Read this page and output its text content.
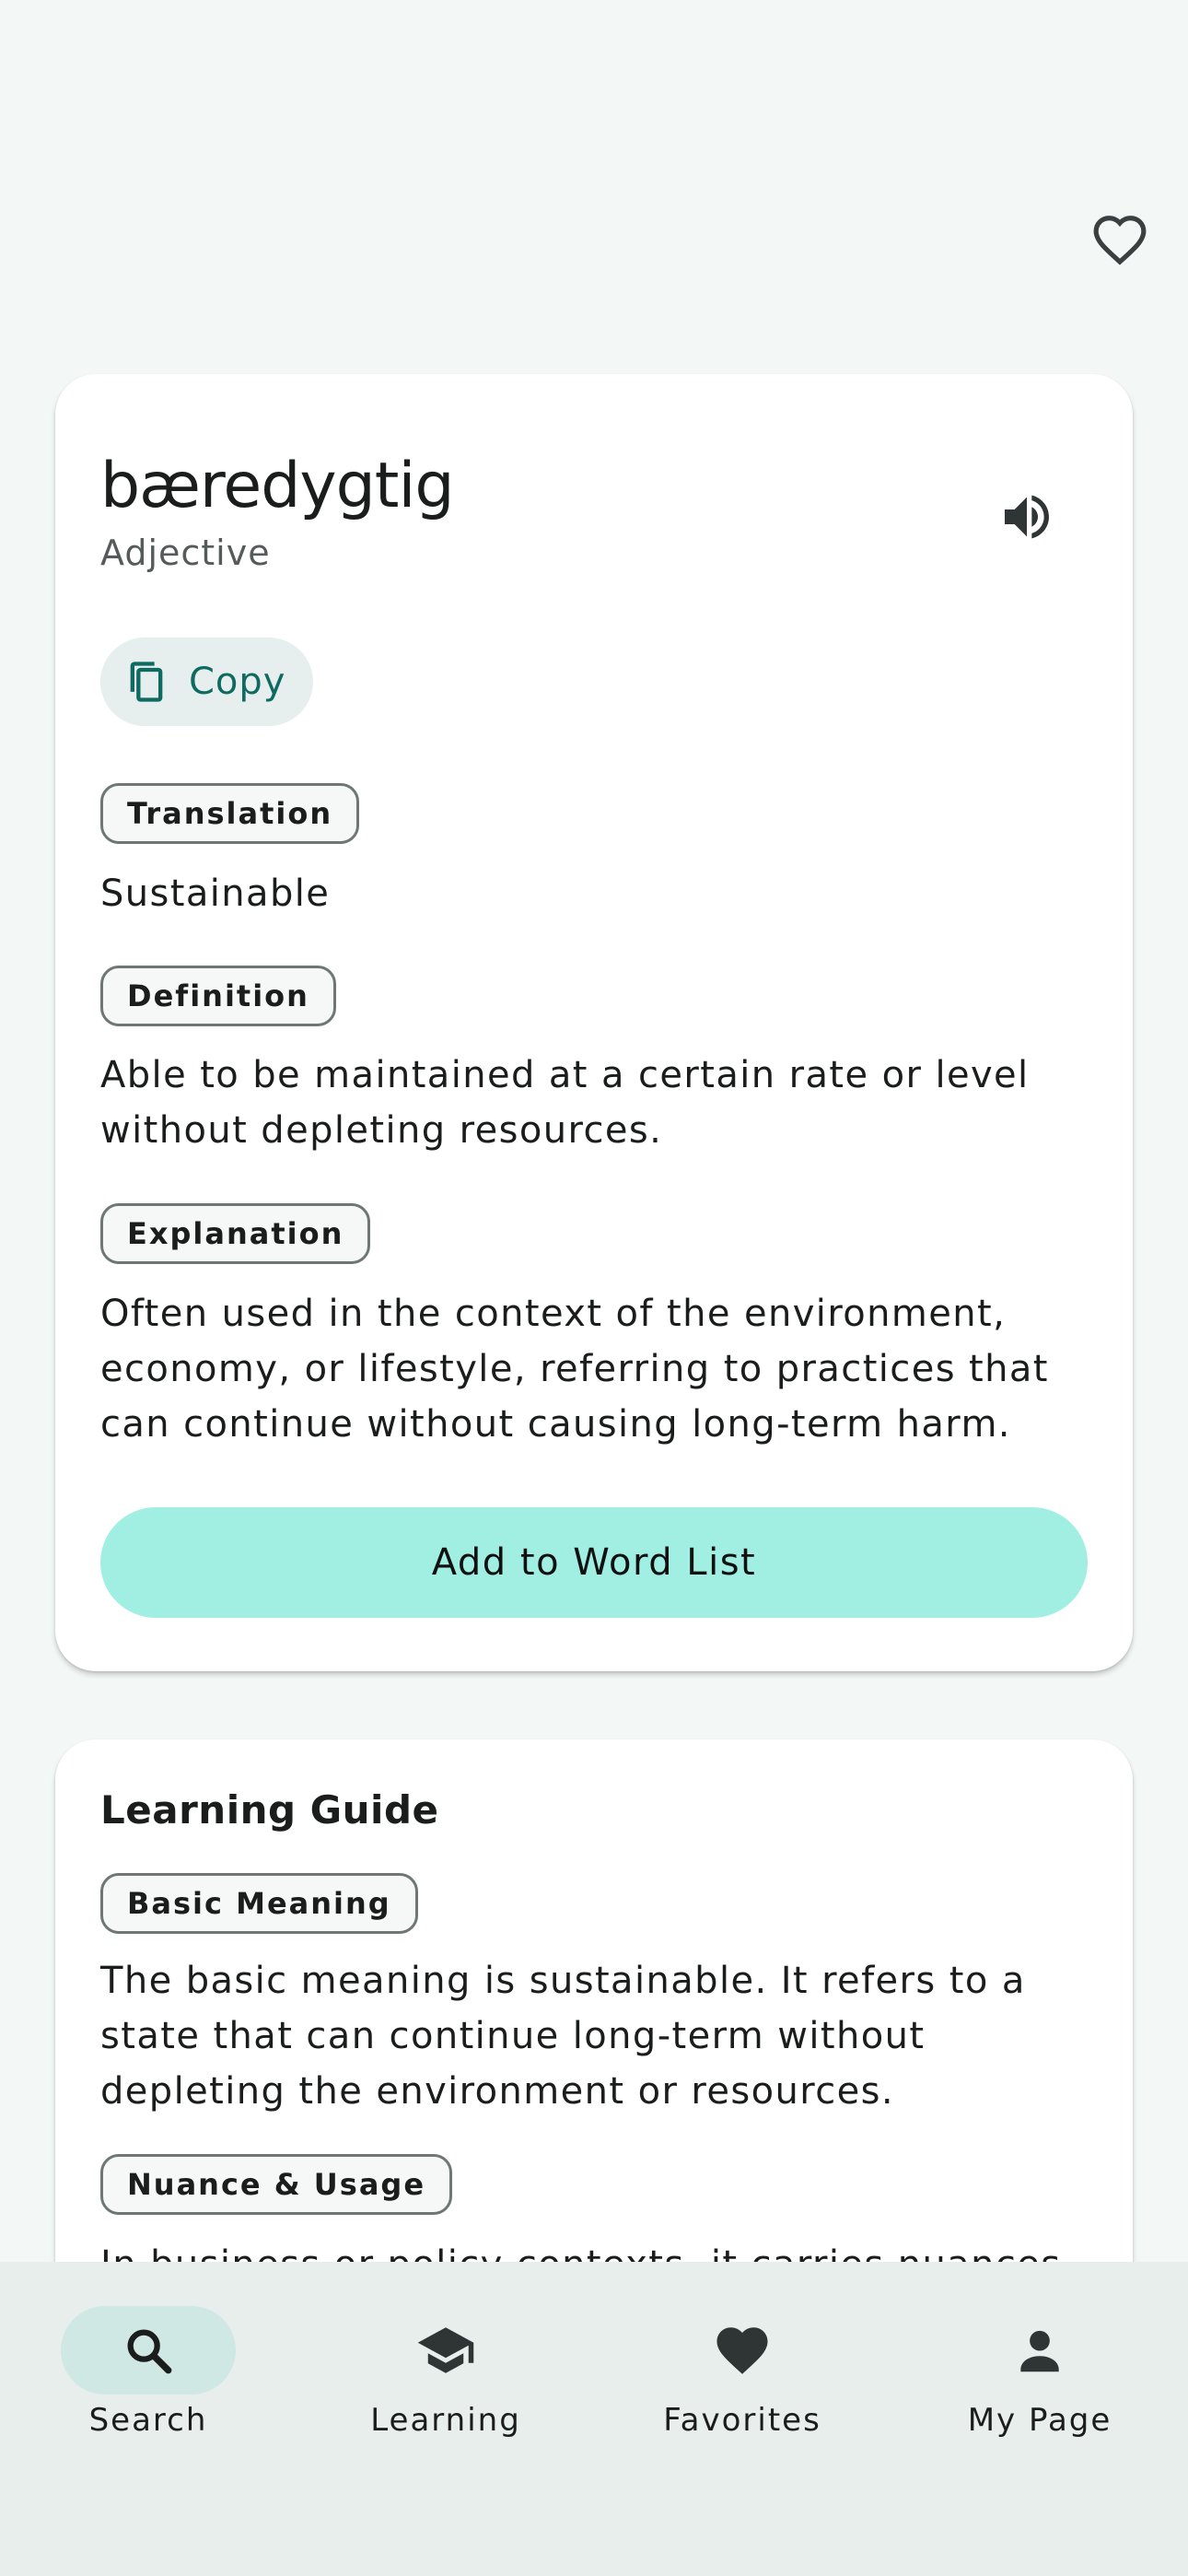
bæredygtig
Adjective
Copy
Translation
Sustainable
Definition
Able to be maintained at a certain rate or level without depleting resources.
Explanation
Often used in the context of the environment, economy, or lifestyle, referring to practices that can continue without causing long-term harm.
Add to Word List
Learning Guide
Basic Meaning
The basic meaning is sustainable. It refers to a state that can continue long-term without depleting the environment or resources.
Nuance & Usage
Search	Learning	Favorites	My Page
